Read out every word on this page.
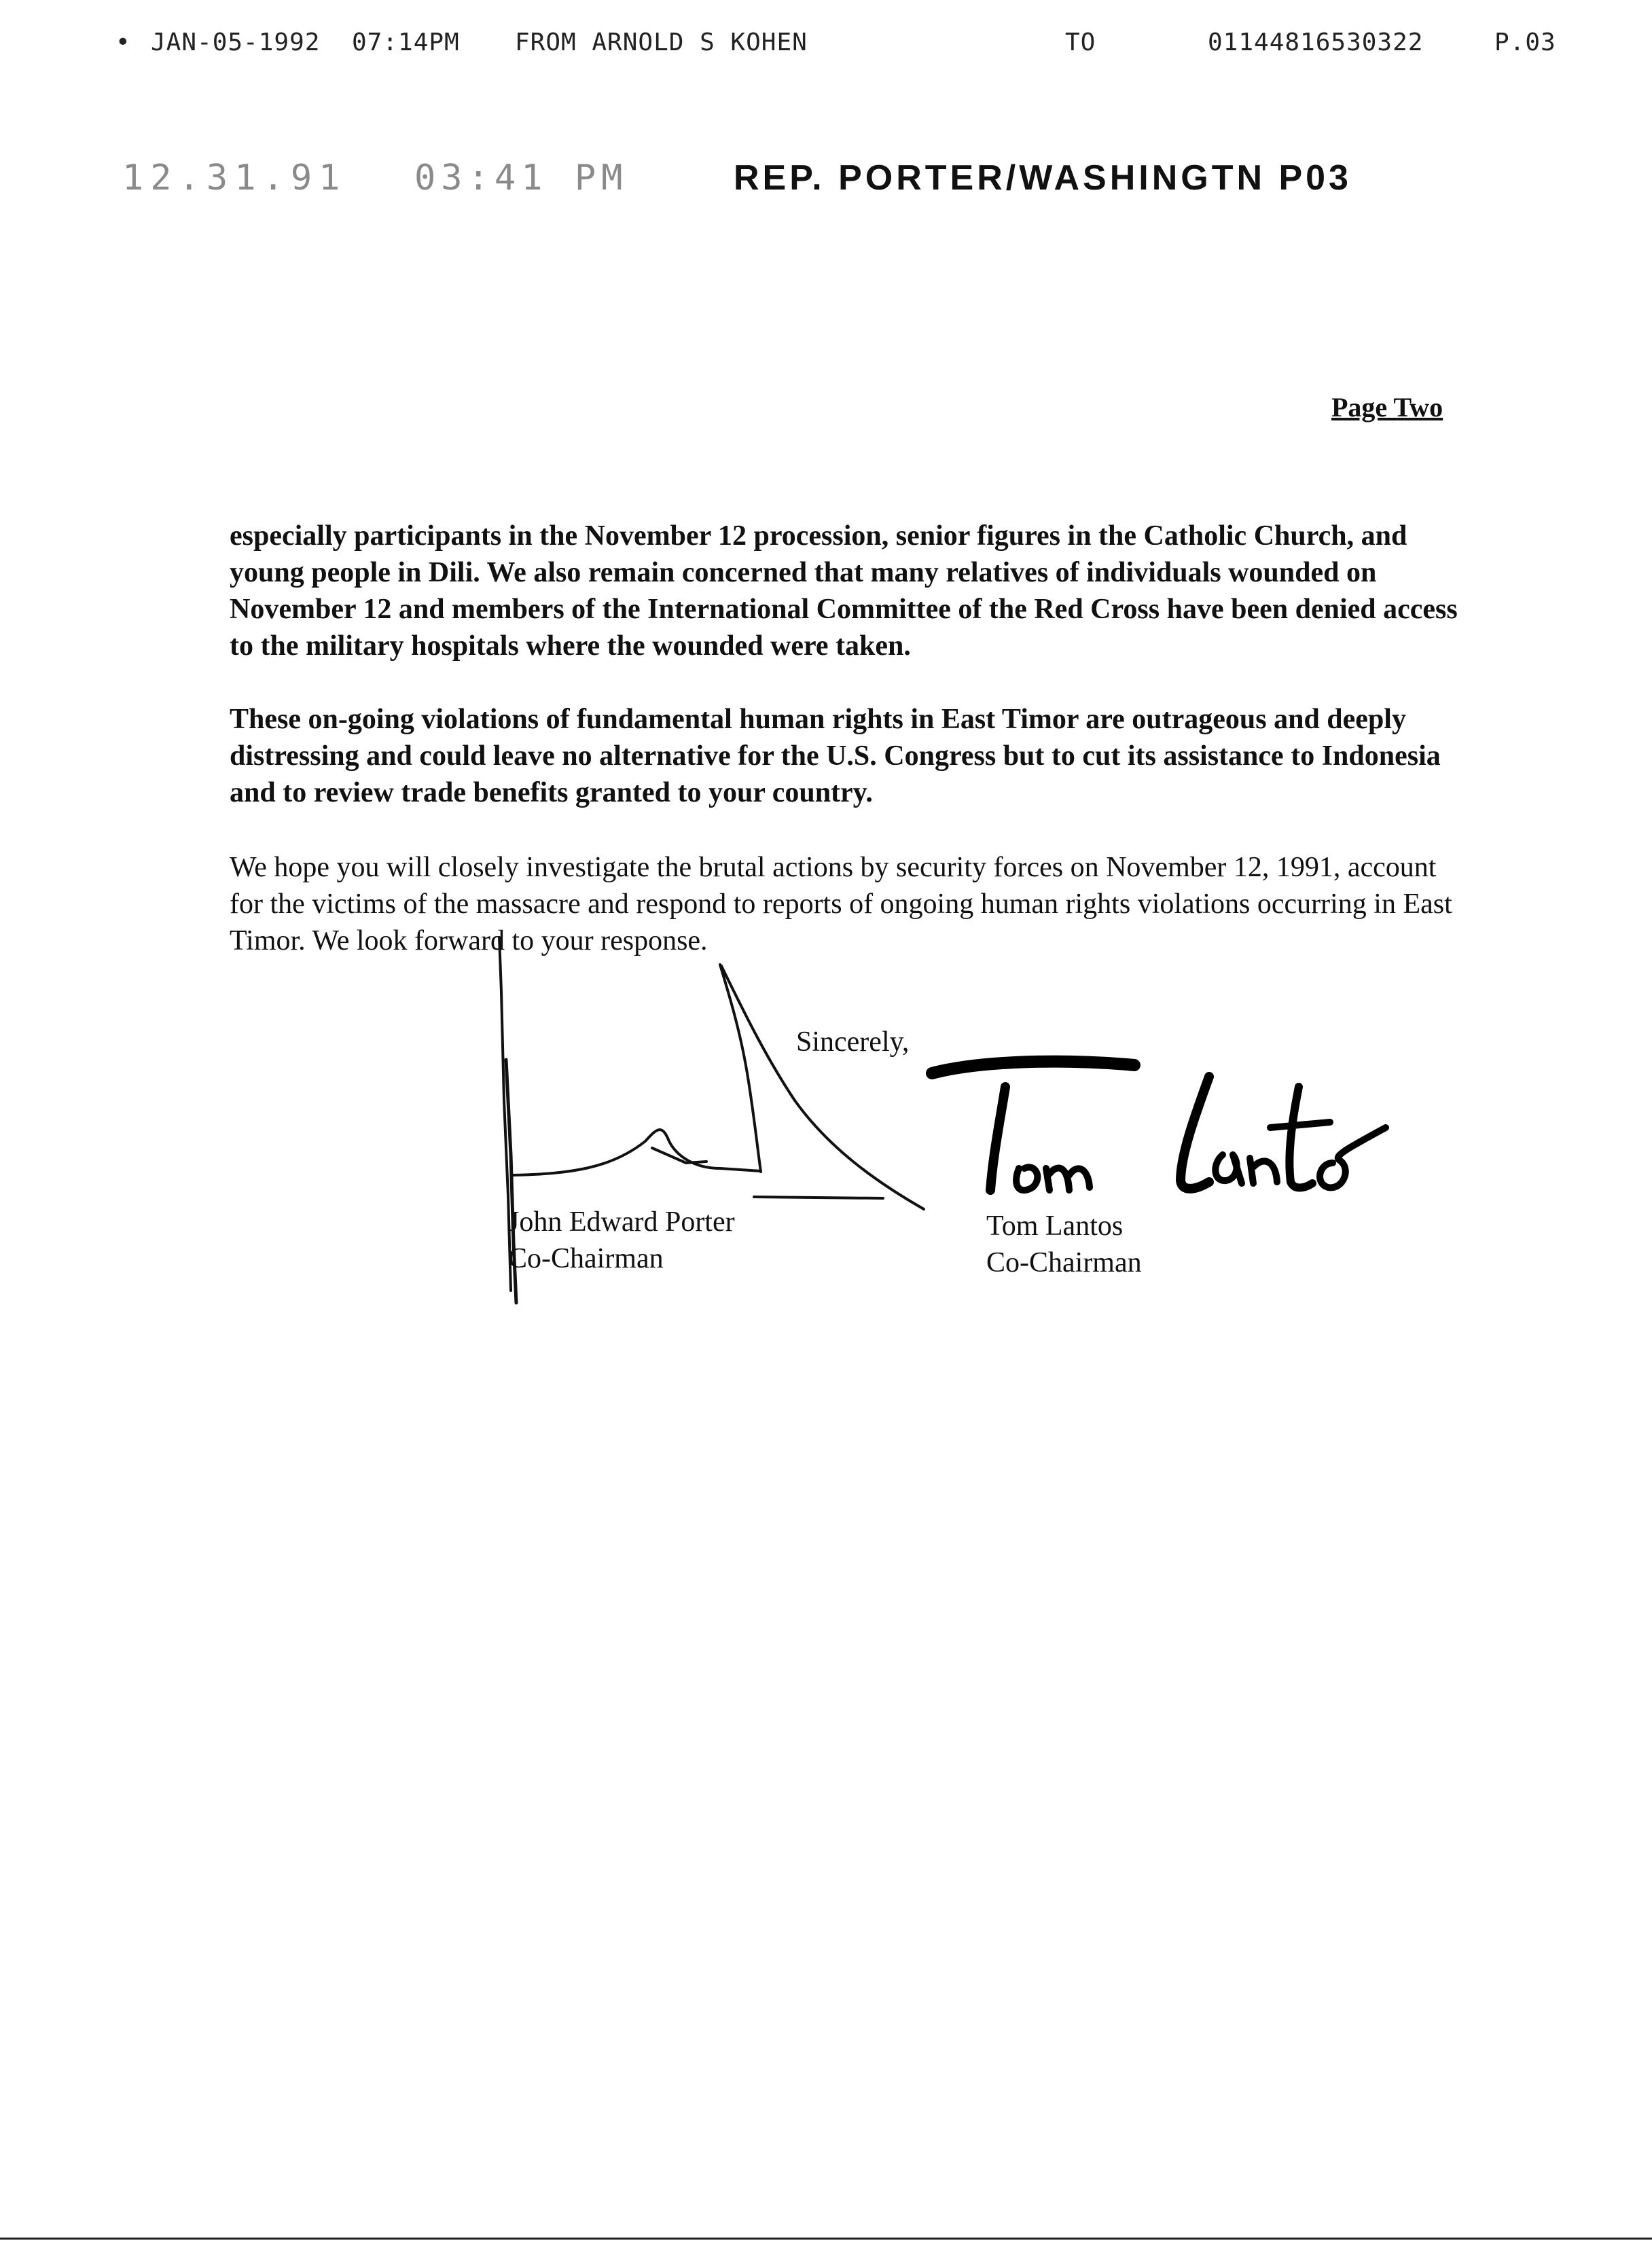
• JAN-05-1992 07:14PM FROM ARNOLD S KOHEN	TO	01144816530322	P.03
12.31.91 03:41 PM	REP. PORTER/WASHINGTN P03
Page Two

especially participants in the November 12 procession, senior figures in the Catholic Church, and young people in Dili. We also remain concerned that many relatives of individuals wounded on November 12 and members of the International Committee of the Red Cross have been denied access to the military hospitals where the wounded were taken.

These on-going violations of fundamental human rights in East Timor are outrageous and deeply distressing and could leave no alternative for the U.S. Congress but to cut its assistance to Indonesia and to review trade benefits granted to your country.

We hope you will closely investigate the brutal actions by security forces on November 12, 1991, account for the victims of the massacre and respond to reports of ongoing human rights violations occurring in East Timor. We look forward to your response.

Sincerely,
John Edward Porter
Co-Chairman
Tom Lantos
Co-Chairman
